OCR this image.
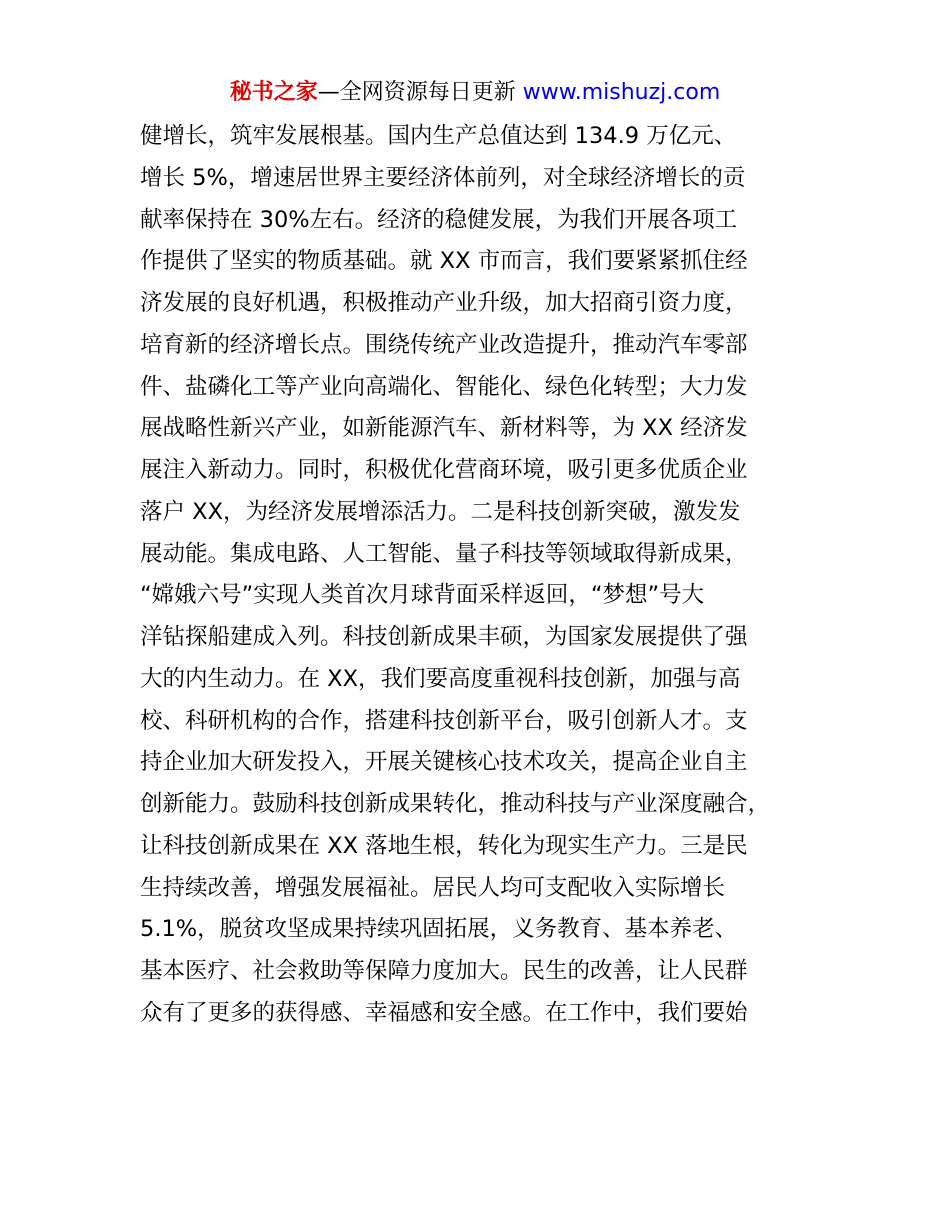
秘书之家—全网资源每日更新 www.mishuzj.com
健增长，筑牢发展根基。国内生产总值达到 134.9 万亿元、
增长 5%，增速居世界主要经济体前列，对全球经济增长的贡
献率保持在 30%左右。经济的稳健发展，为我们开展各项工
作提供了坚实的物质基础。就 XX 市而言，我们要紧紧抓住经
济发展的良好机遇，积极推动产业升级，加大招商引资力度，
培育新的经济增长点。围绕传统产业改造提升，推动汽车零部
件、盐磷化工等产业向高端化、智能化、绿色化转型；大力发
展战略性新兴产业，如新能源汽车、新材料等，为 XX 经济发
展注入新动力。同时，积极优化营商环境，吸引更多优质企业
落户 XX，为经济发展增添活力。二是科技创新突破，激发发
展动能。集成电路、人工智能、量子科技等领域取得新成果，
“嫦娥六号”实现人类首次月球背面采样返回，“梦想”号大
洋钻探船建成入列。科技创新成果丰硕，为国家发展提供了强
大的内生动力。在 XX，我们要高度重视科技创新，加强与高
校、科研机构的合作，搭建科技创新平台，吸引创新人才。支
持企业加大研发投入，开展关键核心技术攻关，提高企业自主
创新能力。鼓励科技创新成果转化，推动科技与产业深度融合，
让科技创新成果在 XX 落地生根，转化为现实生产力。三是民
生持续改善，增强发展福祉。居民人均可支配收入实际增长
5.1%，脱贫攻坚成果持续巩固拓展，义务教育、基本养老、
基本医疗、社会救助等保障力度加大。民生的改善，让人民群
众有了更多的获得感、幸福感和安全感。在工作中，我们要始
